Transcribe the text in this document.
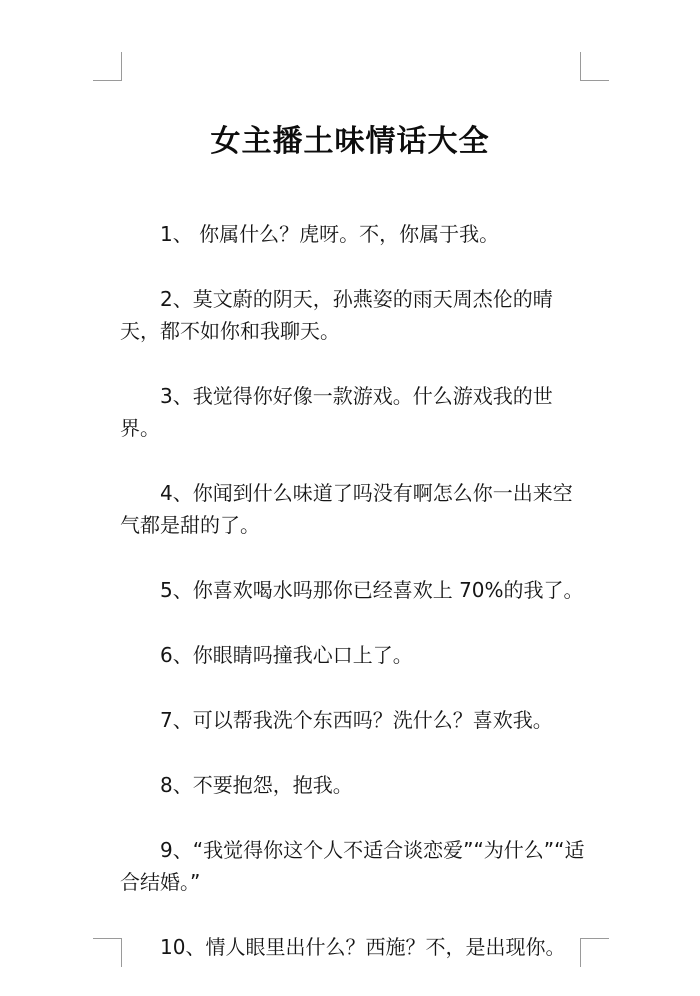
女主播土味情话大全
1、 你属什么？虎呀。不，你属于我。
2、莫文蔚的阴天，孙燕姿的雨天周杰伦的晴天，都不如你和我聊天。
3、我觉得你好像一款游戏。什么游戏我的世界。
4、你闻到什么味道了吗没有啊怎么你一出来空气都是甜的了。
5、你喜欢喝水吗那你已经喜欢上 70%的我了。
6、你眼睛吗撞我心口上了。
7、可以帮我洗个东西吗？洗什么？喜欢我。
8、不要抱怨，抱我。
9、“我觉得你这个人不适合谈恋爱”“为什么”“适合结婚。”
10、情人眼里出什么？西施？不，是出现你。
